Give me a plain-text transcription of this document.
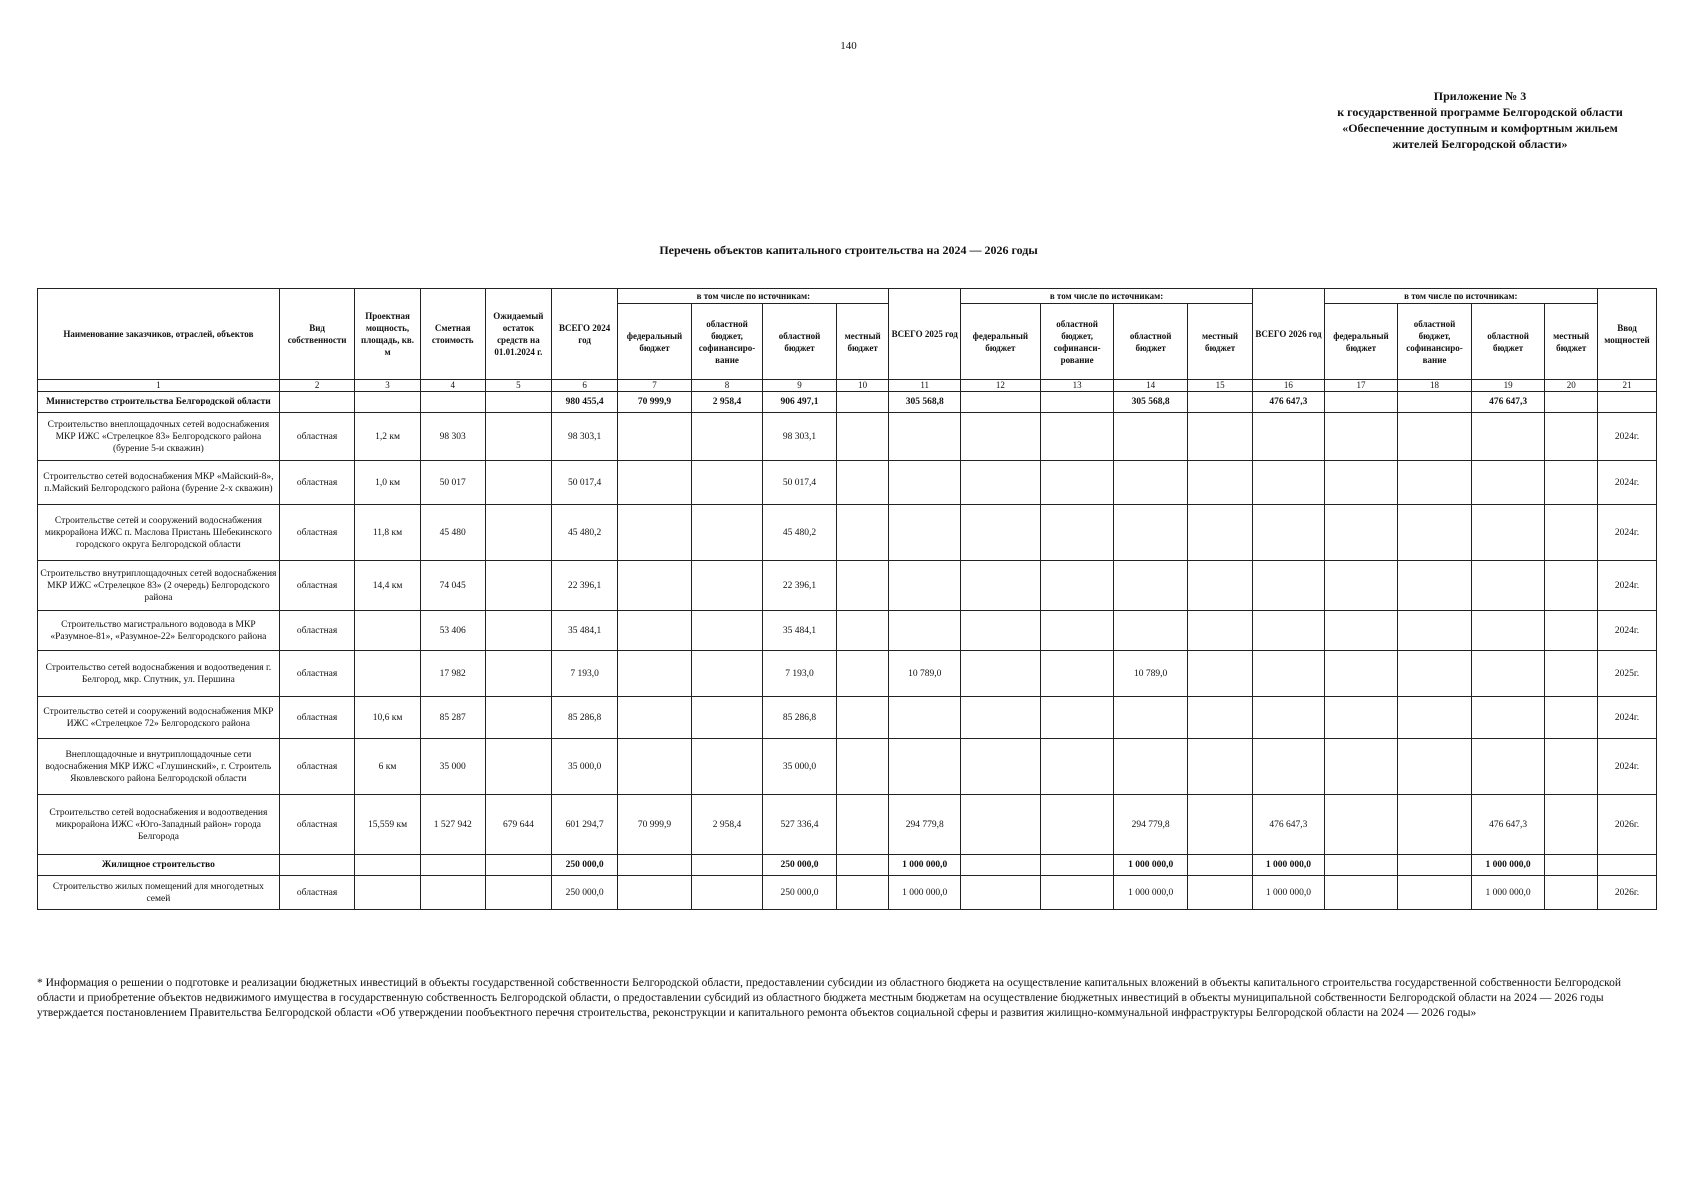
140
Приложение № 3
к государственной программе Белгородской области
«Обеспеченние доступным и комфортным жильем
жителей Белгородской области»
Перечень объектов капитального строительства на 2024 — 2026 годы
Наименование заказчиков, отраслей, объектов	Вид собственности	Проектная мощность, площадь, кв. м	Сметная стоимость	Ожидаемый остаток средств на 01.01.2024 г.	ВСЕГО 2024 год	в том числе по источникам:				ВСЕГО 2025 год	в том числе по источникам:				ВСЕГО 2026 год	в том числе по источникам:				Ввод мощностей
						федеральный бюджет	областной бюджет, софинансиро-вание	областной бюджет	местный бюджет		федеральный бюджет	областной бюджет, софинанси-рование	областной бюджет	местный бюджет		федеральный бюджет	областной бюджет, софинансиро-вание	областной бюджет	местный бюджет	
1	2	3	4	5	6	7	8	9	10	11	12	13	14	15	16	17	18	19	20	21
Министерство строительства Белгородской области					980 455,4	70 999,9	2 958,4	906 497,1		305 568,8			305 568,8		476 647,3			476 647,3		
Строительство внеплощадочных сетей водоснабжения МКР ИЖС «Стрелецкое 83» Белгородского района (бурение 5-и скважин)	областная	1,2 км	98 303		98 303,1			98 303,1												2024г.
Строительство сетей водоснабжения МКР «Майский-8», п.Майский Белгородского района (бурение 2-х скважин)	областная	1,0 км	50 017		50 017,4			50 017,4												2024г.
Строительстве сетей и сооружений водоснабжения микрорайона ИЖС п. Маслова Пристань Шебекинского городского округа Белгородской области	областная	11,8 км	45 480		45 480,2			45 480,2												2024г.
Строительство внутриплощадочных сетей водоснабжения МКР ИЖС «Стрелецкое 83» (2 очередь) Белгородского района	областная	14,4 км	74 045		22 396,1			22 396,1												2024г.
Строительство магистрального водовода в МКР «Разумное-81», «Разумное-22» Белгородского района	областная		53 406		35 484,1			35 484,1												2024г.
Строительство сетей водоснабжения и водоотведения г. Белгород, мкр. Спутник, ул. Першина	областная		17 982		7 193,0			7 193,0		10 789,0			10 789,0							2025г.
Строительство сетей и сооружений водоснабжения МКР ИЖС «Стрелецкое 72» Белгородского района	областная	10,6 км	85 287		85 286,8			85 286,8												2024г.
Внеплощадочные и внутриплощадочные сети водоснабжения МКР ИЖС «Глушинский», г. Строитель Яковлевского района Белгородской области	областная	6 км	35 000		35 000,0			35 000,0												2024г.
Строительство сетей водоснабжения и водоотведения микрорайона ИЖС «Юго-Западный район» города Белгорода	областная	15,559 км	1 527 942	679 644	601 294,7	70 999,9	2 958,4	527 336,4		294 779,8			294 779,8		476 647,3			476 647,3		2026г.
Жилищное строительство					250 000,0			250 000,0		1 000 000,0			1 000 000,0		1 000 000,0			1 000 000,0		
Строительство жилых помещений для многодетных семей	областная				250 000,0			250 000,0		1 000 000,0			1 000 000,0		1 000 000,0			1 000 000,0		2026г.
* Информация о решении о подготовке и реализации бюджетных инвестиций в объекты государственной собственности Белгородской области, предоставлении субсидии из областного бюджета на осуществление капитальных вложений в объекты капитального строительства государственной собственности Белгородской области и приобретение объектов недвижимого имущества в государственную собственность Белгородской области, о предоставлении субсидий из областного бюджета местным бюджетам на осуществление бюджетных инвестиций в объекты муниципальной собственности Белгородской области на 2024 — 2026 годы утверждается постановлением Правительства Белгородской области «Об утверждении пообъектного перечня строительства, реконструкции и капитального ремонта объектов социальной сферы и развития жилищно-коммунальной инфраструктуры Белгородской области на 2024 — 2026 годы»
